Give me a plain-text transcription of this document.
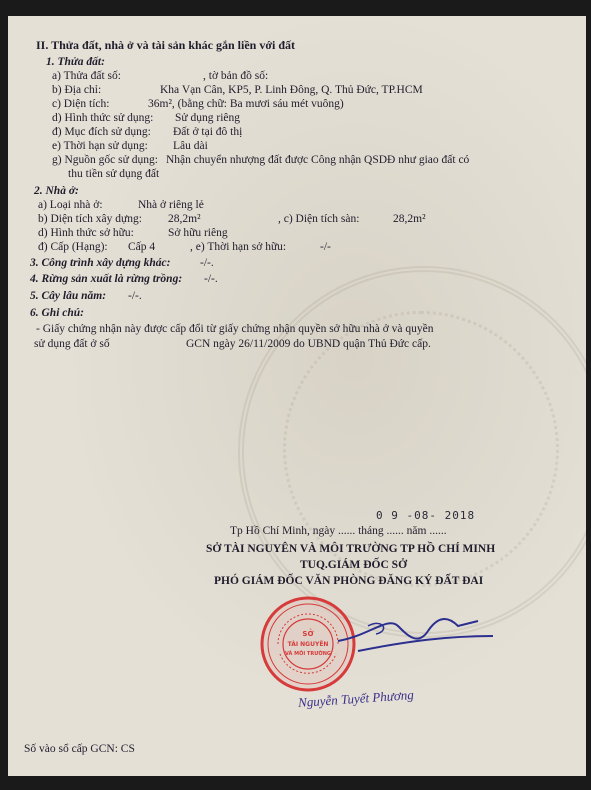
II. Thửa đất, nhà ở và tài sản khác gắn liền với đất
1. Thửa đất:
a) Thửa đất số:	, tờ bản đồ số:
b) Địa chỉ:	Kha Vạn Cân, KP5, P. Linh Đông, Q. Thủ Đức, TP.HCM
c) Diện tích:	36m², (bằng chữ: Ba mươi sáu mét vuông)
d) Hình thức sử dụng: Sử dụng riêng
đ) Mục đích sử dụng: Đất ở tại đô thị
e) Thời hạn sử dụng: Lâu dài
g) Nguồn gốc sử dụng: Nhận chuyển nhượng đất được Công nhận QSDĐ như giao đất có
thu tiền sử dụng đất
2. Nhà ở:
a) Loại nhà ở:	Nhà ở riêng lẻ
b) Diện tích xây dựng: 28,2m²	, c) Diện tích sàn:	28,2m²
d) Hình thức sở hữu:	Sở hữu riêng
đ) Cấp (Hạng): Cấp 4	, e) Thời hạn sở hữu:	-/-
3. Công trình xây dựng khác:	-/-.
4. Rừng sản xuất là rừng trồng: -/-.
5. Cây lâu năm: -/-.
6. Ghi chú:
- Giấy chứng nhận này được cấp đổi từ giấy chứng nhận quyền sở hữu nhà ở và quyền
sử dụng đất ở số	GCN ngày 26/11/2009 do UBND quận Thủ Đức cấp.
0 9 -08- 2018
Tp Hồ Chí Minh, ngày ...... tháng ...... năm ......
SỞ TÀI NGUYÊN VÀ MÔI TRƯỜNG TP HỒ CHÍ MINH
TUQ.GIÁM ĐỐC SỞ
PHÓ GIÁM ĐỐC VĂN PHÒNG ĐĂNG KÝ ĐẤT ĐAI
SỞ
TÀI NGUYÊN
VÀ MÔI TRƯỜNG
Nguyễn Tuyết Phương
Số vào sổ cấp GCN: CS
